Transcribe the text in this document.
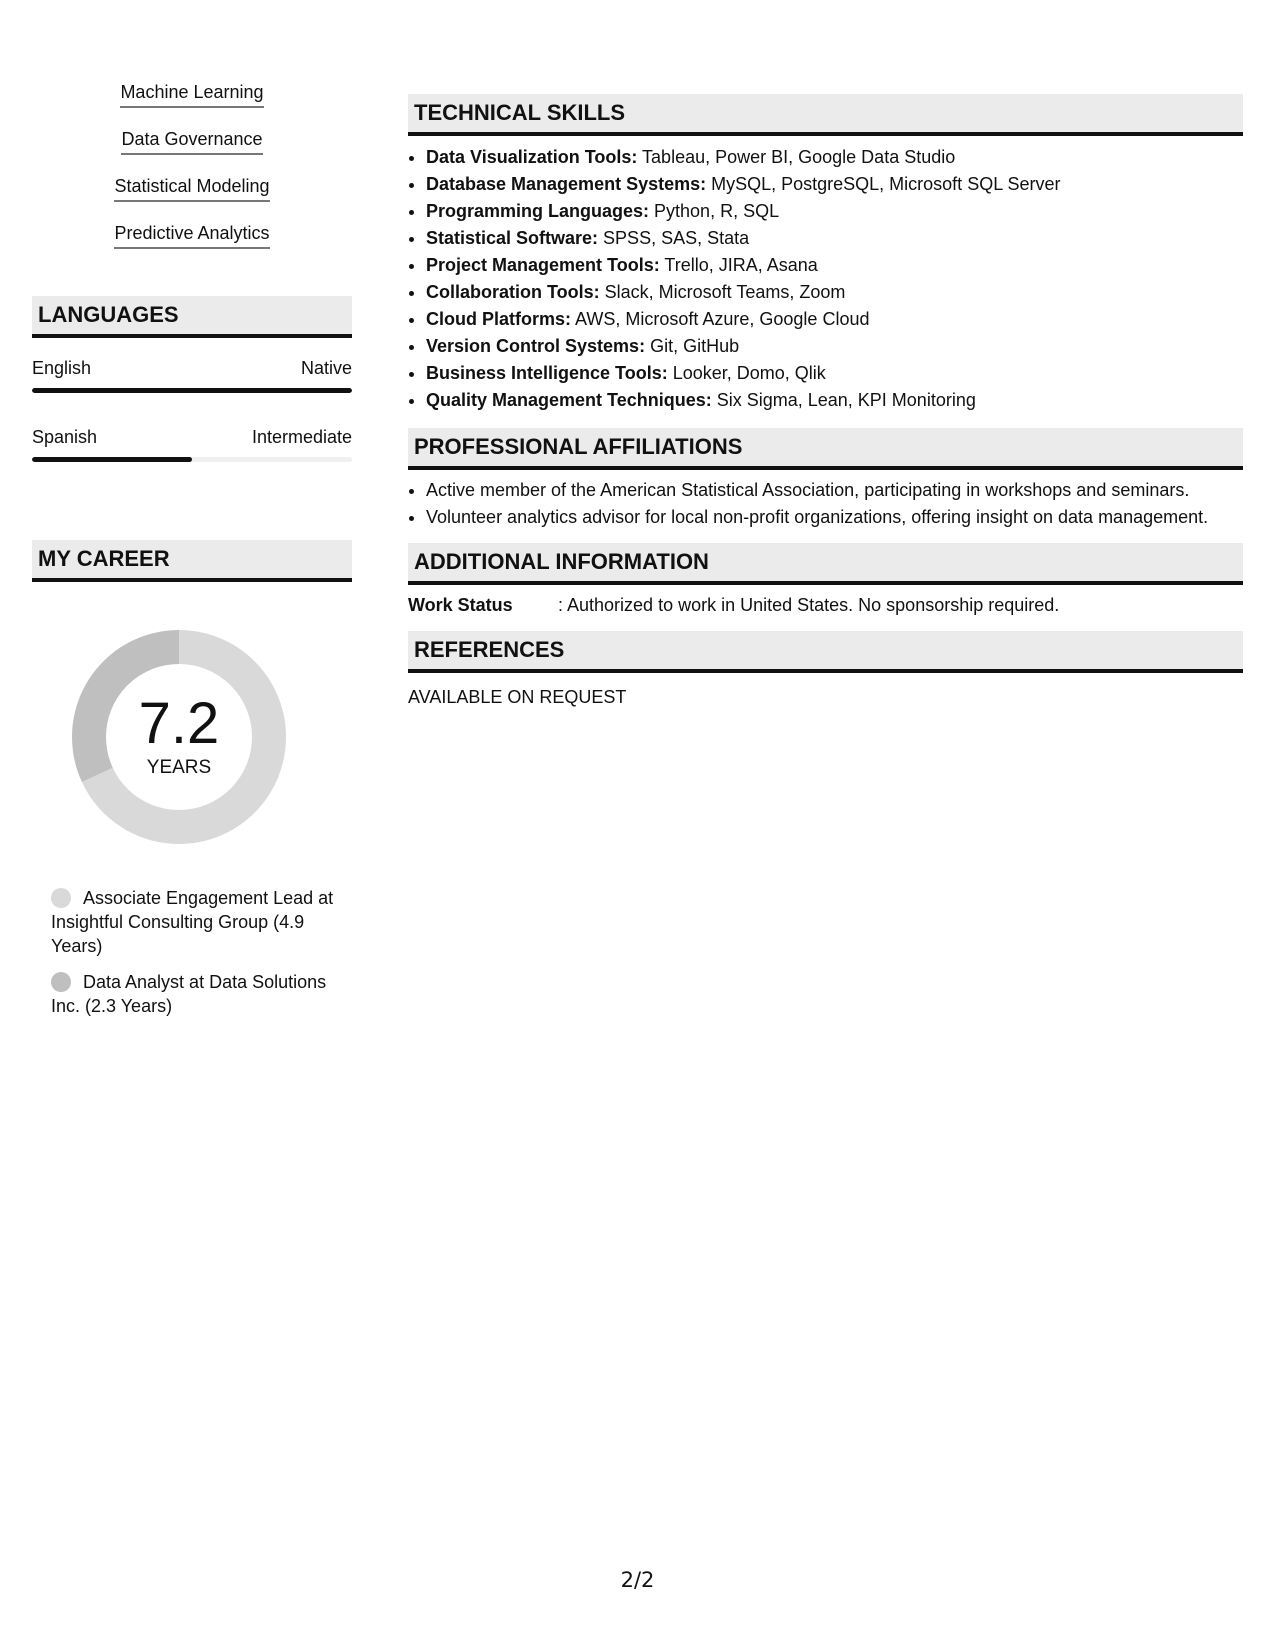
Machine Learning
Data Governance
Statistical Modeling
Predictive Analytics
LANGUAGES
English	Native
Spanish	Intermediate
MY CAREER
7.2
YEARS
Associate Engagement Lead at Insightful Consulting Group (4.9 Years)
Data Analyst at Data Solutions Inc. (2.3 Years)
TECHNICAL SKILLS
• Data Visualization Tools: Tableau, Power BI, Google Data Studio
• Database Management Systems: MySQL, PostgreSQL, Microsoft SQL Server
• Programming Languages: Python, R, SQL
• Statistical Software: SPSS, SAS, Stata
• Project Management Tools: Trello, JIRA, Asana
• Collaboration Tools: Slack, Microsoft Teams, Zoom
• Cloud Platforms: AWS, Microsoft Azure, Google Cloud
• Version Control Systems: Git, GitHub
• Business Intelligence Tools: Looker, Domo, Qlik
• Quality Management Techniques: Six Sigma, Lean, KPI Monitoring
PROFESSIONAL AFFILIATIONS
• Active member of the American Statistical Association, participating in workshops and seminars.
• Volunteer analytics advisor for local non-profit organizations, offering insight on data management.
ADDITIONAL INFORMATION
Work Status	: Authorized to work in United States. No sponsorship required.
REFERENCES
AVAILABLE ON REQUEST
2/2
